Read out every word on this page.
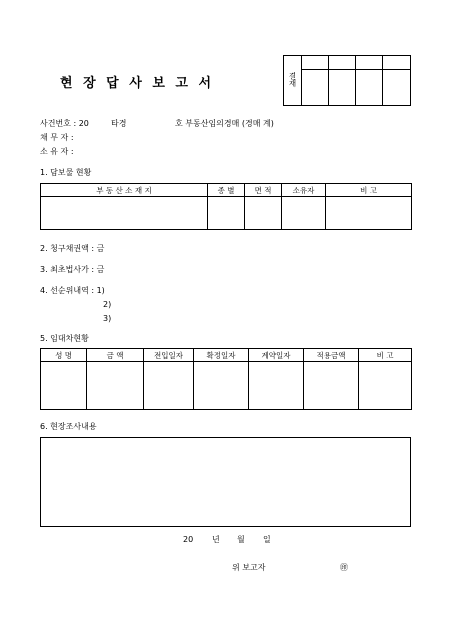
현 장 답 사 보 고 서	결재				

사건번호 : 20	타경	호 부동산임의경매 (경매 계)
채 무 자 :
소 유 자 :
1. 담보물 현황
부 동 산 소 재 지	종 별	면 적	소유자	비 고

2. 청구채권액 : 금
3. 최초법사가 : 금
4. 선순위내역 : 1)
2)
3)
5. 임대차현황
성 명	금 액	전입일자	확정일자	계약일자	적용금액	비 고

6. 현장조사내용
20 년 월 일
위 보고자	㊞
